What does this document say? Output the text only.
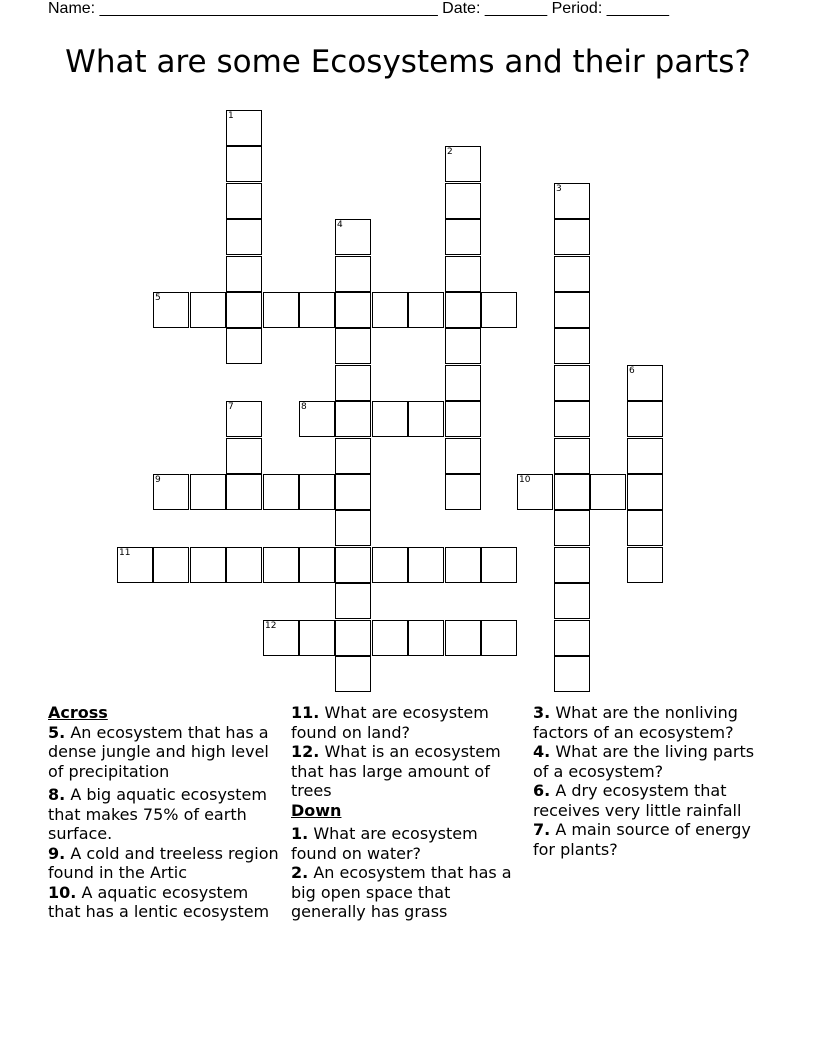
Name: ______________________________________ Date: _______ Period: _______
What are some Ecosystems and their parts?
1
2
3
4
5
6
7	8
9	10
11
12
Across
5. An ecosystem that has a dense jungle and high level of precipitation
8. A big aquatic ecosystem that makes 75% of earth surface.
9. A cold and treeless region found in the Artic
10. A aquatic ecosystem that has a lentic ecosystem
11. What are ecosystem found on land?
12. What is an ecosystem that has large amount of trees
Down
1. What are ecosystem found on water?
2. An ecosystem that has a big open space that generally has grass
3. What are the nonliving factors of an ecosystem?
4. What are the living parts of a ecosystem?
6. A dry ecosystem that receives very little rainfall
7. A main source of energy for plants?
